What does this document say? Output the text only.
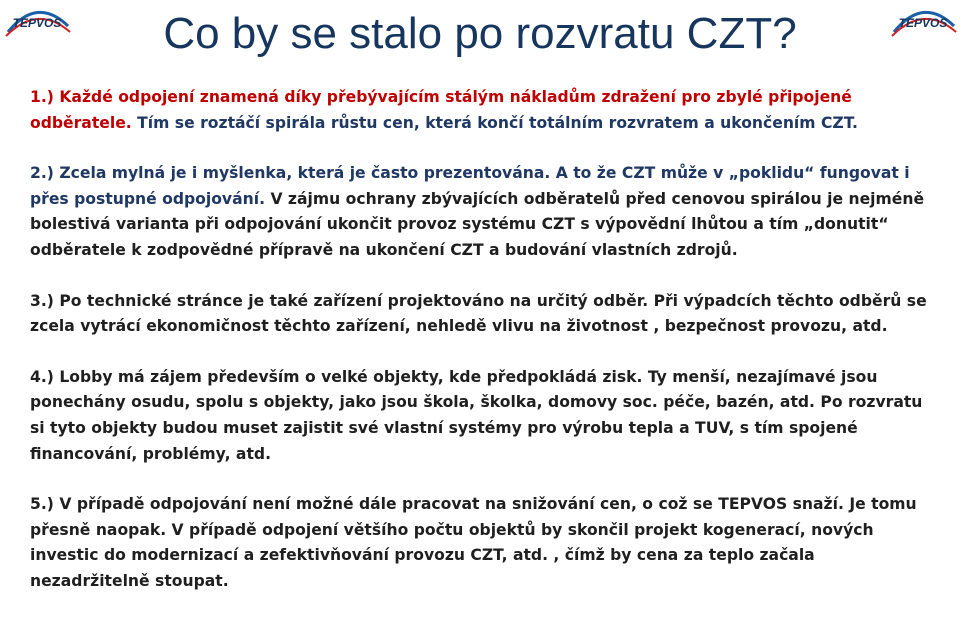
TEPVOS	TEPVOS
Co by se stalo po rozvratu CZT?
1.) Každé odpojení znamená díky přebývajícím stálým nákladům zdražení pro zbylé připojené odběratele. Tím se roztáčí spirála růstu cen, která končí totálním rozvratem a ukončením CZT.
2.) Zcela mylná je i myšlenka, která je často prezentována. A to že CZT může v „poklidu“ fungovat i přes postupné odpojování. V zájmu ochrany zbývajících odběratelů před cenovou spirálou je nejméně bolestivá varianta při odpojování ukončit provoz systému CZT s výpovědní lhůtou a tím „donutit“ odběratele k zodpovědné přípravě na ukončení CZT a budování vlastních zdrojů.
3.) Po technické stránce je také zařízení projektováno na určitý odběr. Při výpadcích těchto odběrů se zcela vytrácí ekonomičnost těchto zařízení, nehledě vlivu na životnost , bezpečnost provozu, atd.
4.) Lobby má zájem především o velké objekty, kde předpokládá zisk. Ty menší, nezajímavé jsou ponechány osudu, spolu s objekty, jako jsou škola, školka, domovy soc. péče, bazén, atd. Po rozvratu si tyto objekty budou muset zajistit své vlastní systémy pro výrobu tepla a TUV, s tím spojené financování, problémy, atd.
5.) V případě odpojování není možné dále pracovat na snižování cen, o což se TEPVOS snaží. Je tomu přesně naopak. V případě odpojení většího počtu objektů by skončil projekt kogenerací, nových investic do modernizací a zefektivňování provozu CZT, atd. , čímž by cena za teplo začala nezadržitelně stoupat.
